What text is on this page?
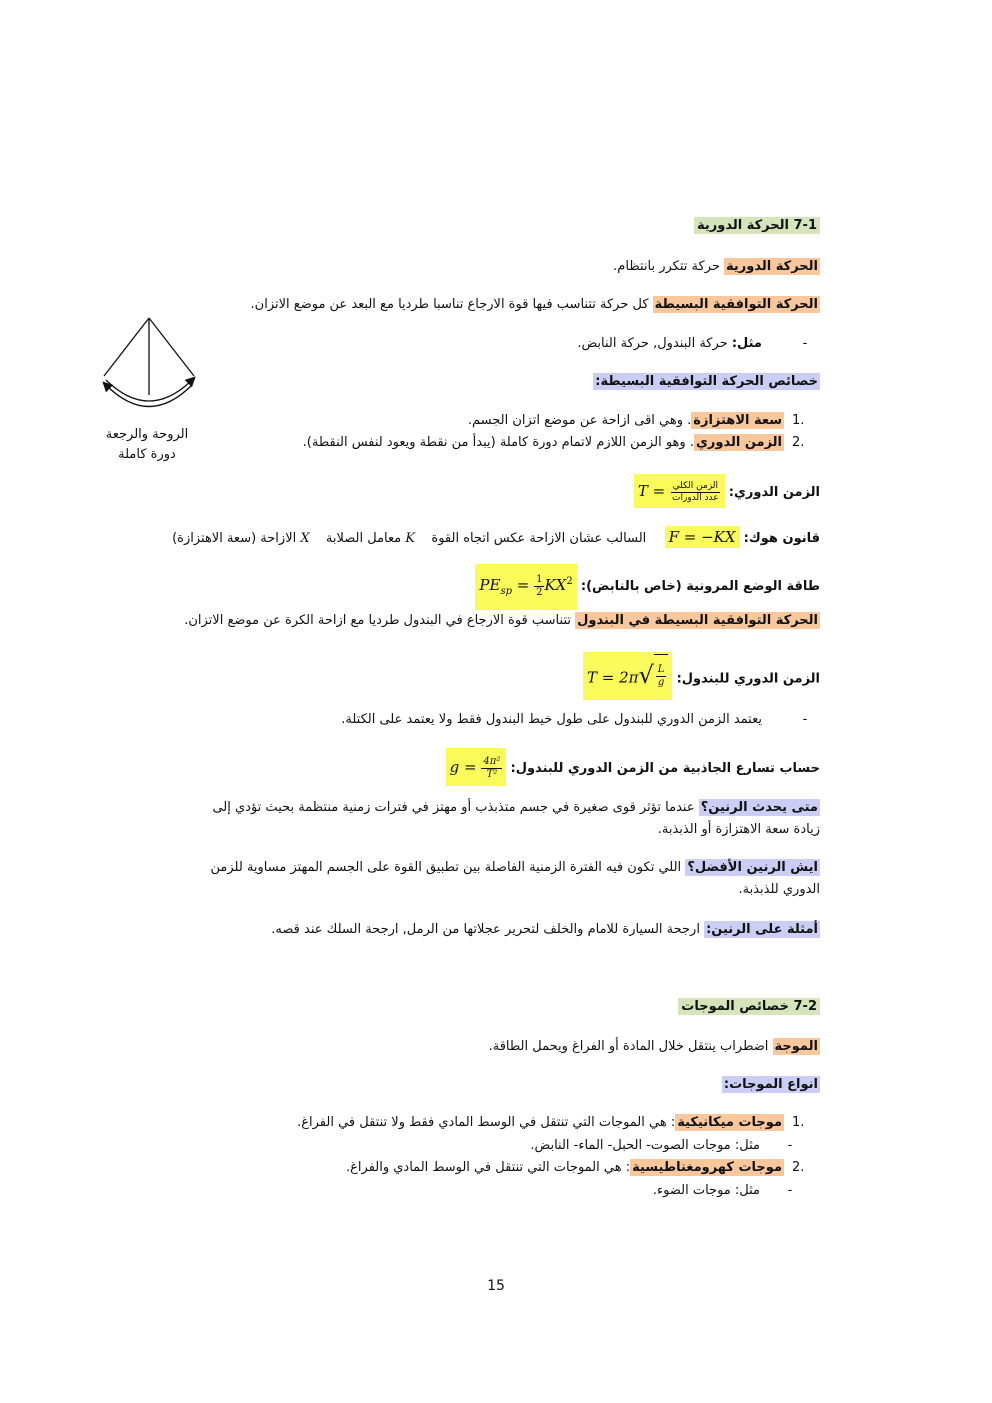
7-1 الحركة الدورية
الحركة الدورية حركة تتكرر بانتظام.
الحركة التوافقية البسيطة كل حركة تتناسب فيها قوة الارجاع تناسبا طرديا مع البعد عن موضع الاتزان.
-مثل: حركة البندول, حركة النابض.
خصائص الحركة التوافقية البسيطة:
.1سعة الاهتزازة. وهي اقى ازاحة عن موضع اتزان الجسم.
.2الزمن الدوري. وهو الزمن اللازم لاتمام دورة كاملة (يبدأ من نقطة ويعود لنفس النقطة).
الزمن الدوري: $T = \frac{\text{الزمن الكلي}}{\text{عدد الدورات}}$
قانون هوك: F = −KX  السالب عشان الازاحة عكس اتجاه القوة  K معامل الصلابة  X الازاحة (سعة الاهتزازة)
طاقة الوضع المرونية (خاص بالنابض): $PE_{sp} = \frac{1}{2} KX^2$
الحركة التوافقية البسيطة في البندول تتناسب قوة الارجاع في البندول طرديا مع ازاحة الكرة عن موضع الاتزان.
الزمن الدوري للبندول: T = 2π √ $\frac{L}{g}$
-يعتمد الزمن الدوري للبندول على طول خيط البندول فقط ولا يعتمد على الكتلة.
حساب تسارع الجاذبية من الزمن الدوري للبندول: $g = \frac{\text{4π²}}{\text{T²}}$
متى يحدث الرنين؟ عندما تؤثر قوى صغيرة في جسم متذبذب أو مهتز في فترات زمنية منتظمة بحيث تؤدي إلى زيادة سعة الاهتزازة أو الذبذبة.
ايش الرنين الأفضل؟ اللي تكون فيه الفترة الزمنية الفاصلة بين تطبيق القوة على الجسم المهتز مساوية للزمن الدوري للذبذبة.
أمثلة على الرنين: ارجحة السيارة للامام والخلف لتحرير عجلاتها من الرمل, ارجحة السلك عند قصه.
7-2 خصائص الموجات
الموجة اضطراب ينتقل خلال المادة أو الفراغ ويحمل الطاقة.
انواع الموجات:
.1موجات ميكانيكية: هي الموجات التي تنتقل في الوسط المادي فقط ولا تنتقل في الفراغ.
-مثل: موجات الصوت- الحبل- الماء- النابض.
.2موجات كهرومغناطيسية: هي الموجات التي تنتقل في الوسط المادي والفراغ.
-مثل: موجات الضوء.
الروحة والرجعة
دورة كاملة
15
